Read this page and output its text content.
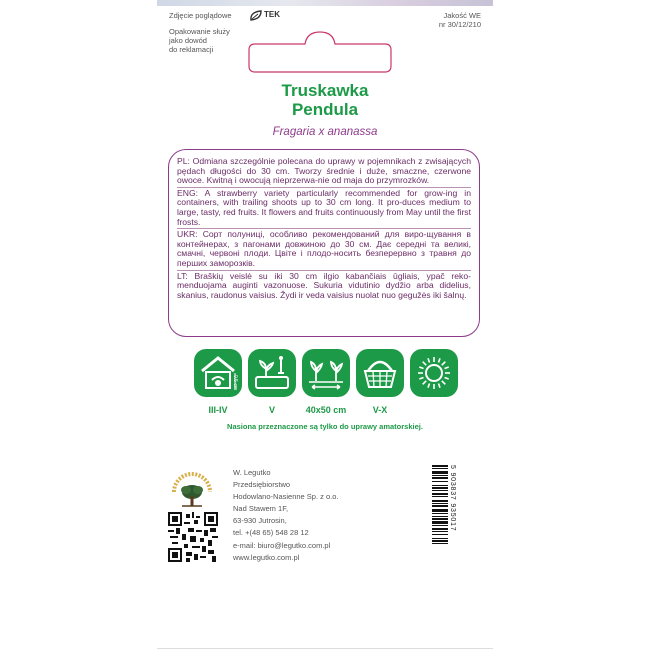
Zdjęcie poglądowe	TEK	Jakość WE
nr 30/12/210
Opakowanie służy
jako dowód
do reklamacji
Truskawka
Pendula
Fragaria x ananassa
PL: Odmiana szczególnie polecana do uprawy w pojemnikach z zwisających pędach długości do 30 cm. Tworzy średnie i duże, smaczne, czerwone owoce. Kwitną i owocują nieprzerwa-nie od maja do przymrozków.
ENG: A strawberry variety particularly recommended for grow-ing in containers, with trailing shoots up to 30 cm long. It pro-duces medium to large, tasty, red fruits. It flowers and fruits continuously from May until the first frosts.
UKR: Сорт полуниці, особливо рекомендований для виро-щування в контейнерах, з пагонами довжиною до 30 см. Дає середні та великі, смачні, червоні плоди. Цвіте і плодо-носить безперервно з травня до перших заморозків.
LT: Braškių veislė su iki 30 cm ilgio kabančiais ūgliais, ypač reko-menduojama auginti vazonuose. Sukuria vidutinio dydžio arba didelius, skanius, raudonus vaisius. Žydi ir veda vaisius nuolat nuo gegužės iki šalnų.
0.5 cm
III-IV	V	40x50 cm	V-X
Nasiona przeznaczone są tylko do uprawy amatorskiej.
W. Legutko
Przedsiębiorstwo
Hodowlano-Nasienne Sp. z o.o.
Nad Stawem 1F,
63-930 Jutrosin,
tel. +(48 65) 548 28 12
e-mail: biuro@legutko.com.pl
www.legutko.com.pl
5 903837 935017
